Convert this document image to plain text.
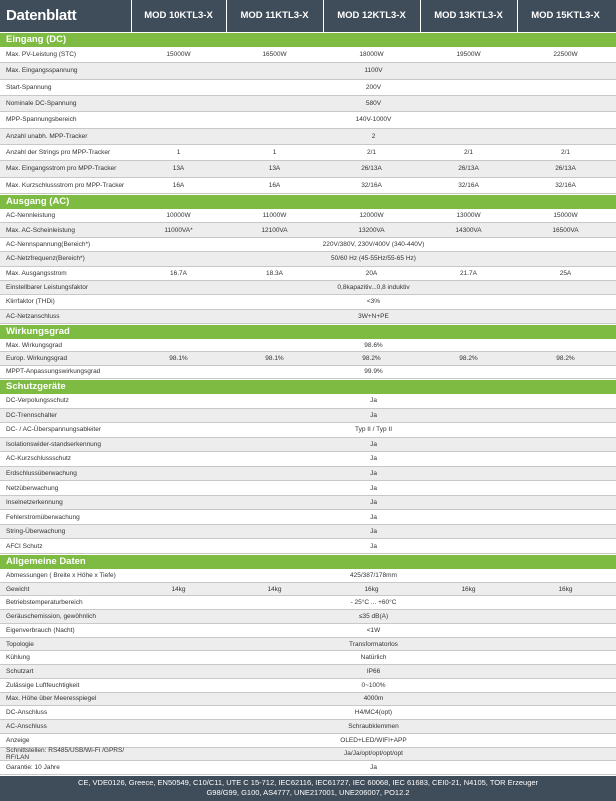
Datenblatt	MOD 10KTL3-X	MOD 11KTL3-X	MOD 12KTL3-X	MOD 13KTL3-X	MOD 15KTL3-X
CE, VDE0126, Greece, EN50549, C10/C11, UTE C 15-712, IEC62116, IEC61727, IEC 60068, IEC 61683, CEI0-21, N4105, TOR Erzeuger
G98/G99, G100, AS4777, UNE217001, UNE206007, PO12.2
Eingang (DC)
Max. PV-Leistung (STC)	15000W	16500W	18000W	19500W	22500W
Max. Eingangsspannung	1100V
Start-Spannung	200V
Nominale DC-Spannung	580V
MPP-Spannungsbereich	140V-1000V
Anzahl unabh. MPP-Tracker	2
Anzahl der Strings pro MPP-Tracker	1	1	2/1	2/1	2/1
Max. Eingangsstrom pro MPP-Tracker	13A	13A	26/13A	26/13A	26/13A
Max. Kurzschlussstrom pro MPP-Tracker	16A	16A	32/16A	32/16A	32/16A
Ausgang (AC)
AC-Nennleistung	10000W	11000W	12000W	13000W	15000W
Max. AC-Scheinleistung	11000VA*	12100VA	13200VA	14300VA	16500VA
AC-Nennspannung(Bereich*)	220V/380V, 230V/400V (340-440V)
AC-Netzfrequenz(Bereich*)	50/60 Hz (45-55Hz/55-65 Hz)
Max. Ausgangsstrom	16.7A	18.3A	20A	21.7A	25A
Einstellbarer Leistungsfaktor	0,8kapazitiv...0,8 induktiv
Klirrfaktor (THDi)	<3%
AC-Netzanschluss	3W+N+PE
Wirkungsgrad
Max. Wirkungsgrad	98.6%
Europ. Wirkungsgrad	98.1%	98.1%	98.2%	98.2%	98.2%
MPPT-Anpassungswirkungsgrad	99.9%
Schutzgeräte
DC-Verpolungsschutz	Ja
DC-Trennschalter	Ja
DC- / AC-Überspannungsableiter	Typ II / Typ II
Isolationswider-standserkennung	Ja
AC-Kurzschlussschutz	Ja
Erdschlussüberwachung	Ja
Netzüberwachung	Ja
Inselnetzerkennung	Ja
Fehlerstromüberwachung	Ja
String-Überwachung	Ja
AFCI Schutz	Ja
Allgemeine Daten
Abmessungen ( Breite x Höhe x Tiefe)	425/387/178mm
Gewicht	14kg	14kg	16kg	16kg	16kg
Betriebstemperaturbereich	- 25°C ... +60°C
Geräuschemission, gewöhnlich	≤35 dB(A)
Eigenverbrauch (Nacht)	<1W
Topologie	Transformatorlos
Kühlung	Natürlich
Schutzart	IP66
Zulässige Luftfeuchtigkeit	0~100%
Max. Höhe über Meeresspiegel	4000m
DC-Anschluss	H4/MC4(opt)
AC-Anschluss	Schraubklemmen
Anzeige	OLED+LED/WIFI+APP
Schnittstellen: RS485/USB/Wi-Fi /GPRS/ RF/LAN	Ja/Ja/opt/opt/opt/opt
Garantie: 10 Jahre	Ja
